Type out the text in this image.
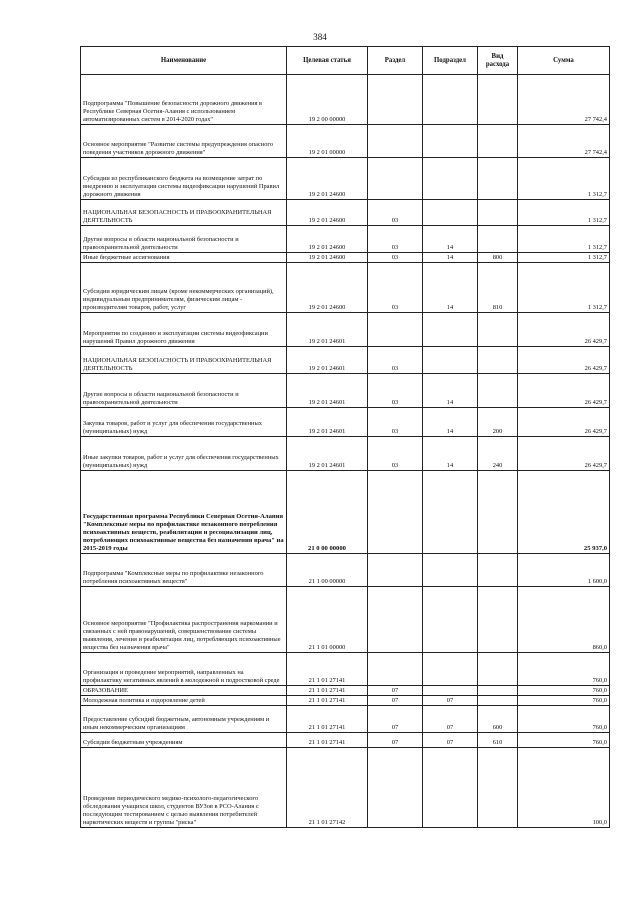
384
Наименование	Целевая статья	Раздел	Подраздел	Вид расхода	Сумма
Подпрограмма "Повышение безопасности дорожного движения в Республике Северная Осетия-Алания с использованием автоматизированных систем в 2014-2020 годах"	19 2 00 00000				27 742,4
Основное мероприятие "Развитие системы предупреждения опасного поведения участников дорожного движения"	19 2 01 00000				27 742,4
Субсидии из республиканского бюджета на возмещение затрат по внедрению и эксплуатации системы видеофиксации нарушений Правил дорожного движения	19 2 01 24600				1 312,7
НАЦИОНАЛЬНАЯ БЕЗОПАСНОСТЬ И ПРАВООХРАНИТЕЛЬНАЯ ДЕЯТЕЛЬНОСТЬ	19 2 01 24600	03			1 312,7
Другие вопросы в области национальной безопасности и правоохранительной деятельности	19 2 01 24600	03	14		1 312,7
Иные бюджетные ассигнования	19 2 01 24600	03	14	800	1 312,7
Субсидии юридическим лицам (кроме некоммерческих организаций), индивидуальным предпринимателям, физическим лицам - производителям товаров, работ, услуг	19 2 01 24600	03	14	810	1 312,7
Мероприятия по созданию и эксплуатации системы видеофиксации нарушений Правил дорожного движения	19 2 01 24601				26 429,7
НАЦИОНАЛЬНАЯ БЕЗОПАСНОСТЬ И ПРАВООХРАНИТЕЛЬНАЯ ДЕЯТЕЛЬНОСТЬ	19 2 01 24601	03			26 429,7
Другие вопросы в области национальной безопасности и правоохранительной деятельности	19 2 01 24601	03	14		26 429,7
Закупка товаров, работ и услуг для обеспечения государственных (муниципальных) нужд	19 2 01 24601	03	14	200	26 429,7
Иные закупки товаров, работ и услуг для обеспечения государственных (муниципальных) нужд	19 2 01 24601	03	14	240	26 429,7
Государственная программа Республики Северная Осетия-Алания "Комплексные меры по профилактике незаконного потребления психоактивных веществ, реабилитации и ресоциализации лиц, потребляющих психоактивные вещества без назначения врача" на 2015-2019 годы	21 0 00 00000				25 937,0
Подпрограмма "Комплексные меры по профилактике незаконного потребления психоактивных веществ"	21 1 00 00000				1 600,0
Основное мероприятие "Профилактика распространения наркомании и связанных с ней правонарушений, совершенствование системы выявления, лечения и реабилитации лиц, потребляющих психоактивные вещества без назначения врача"	21 1 01 00000				860,0
Организация и проведение мероприятий, направленных на профилактику негативных явлений в молодежной и подростковой среде	21 1 01 27141				760,0
ОБРАЗОВАНИЕ	21 1 01 27141	07			760,0
Молодежная политика и оздоровление детей	21 1 01 27141	07	07		760,0
Предоставление субсидий бюджетным, автономным учреждениям и иным некоммерческим организациям	21 1 01 27141	07	07	600	760,0
Субсидии бюджетным учреждениям	21 1 01 27141	07	07	610	760,0
Проведение периодического медико-психолого-педагогического обследования учащихся школ, студентов ВУЗов в РСО-Алания с последующим тестированием с целью выявления потребителей наркотических веществ и группы "риска"	21 1 01 27142				100,0
